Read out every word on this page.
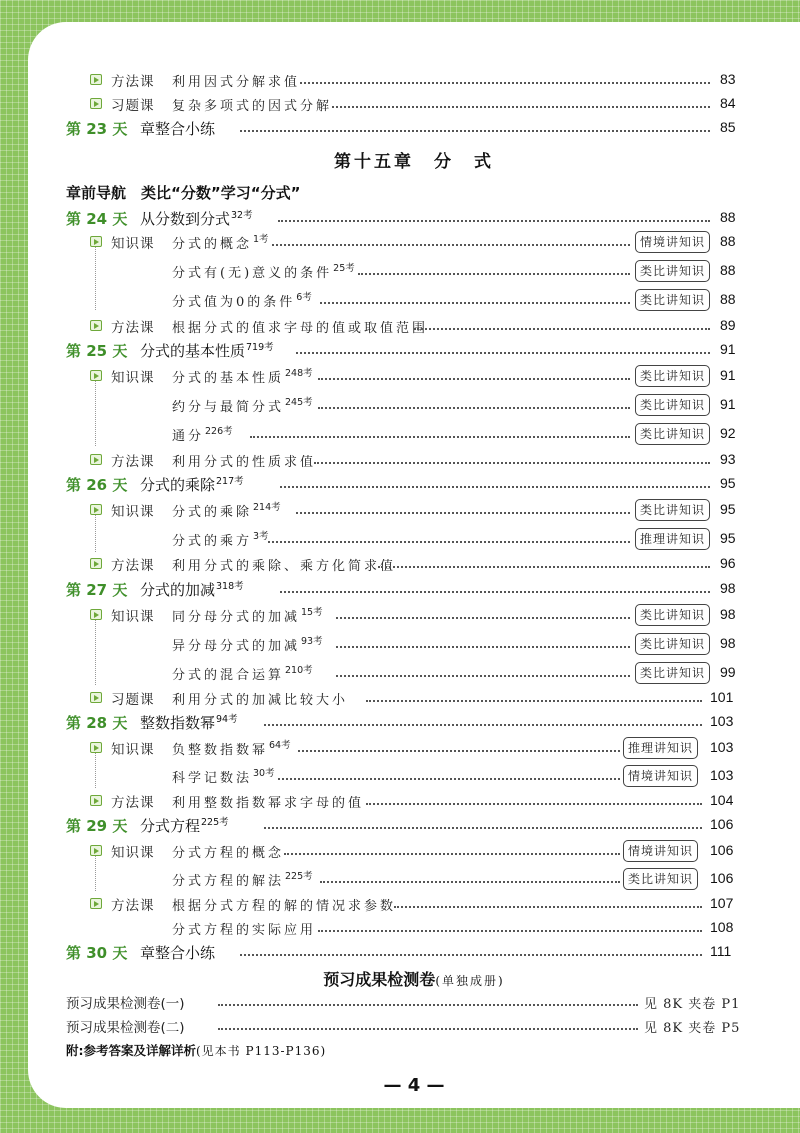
方法课 利用因式分解求值	83
习题课 复杂多项式的因式分解	84
第 23 天 章整合小练	85
第十五章　分　式
章前导航　类比“分数”学习“分式”
第 24 天 从分数到分式$^{32考}$	88
知识课 分式的概念$^{1考}$	情境讲知识	88
分式有(无)意义的条件$^{25考}$	类比讲知识	88
分式值为0的条件$^{6考}$	类比讲知识	88
方法课 根据分式的值求字母的值或取值范围	89
第 25 天 分式的基本性质$^{719考}$	91
知识课 分式的基本性质$^{248考}$	类比讲知识	91
约分与最简分式$^{245考}$	类比讲知识	91
通分$^{226考}$	类比讲知识	92
方法课 利用分式的性质求值	93
第 26 天 分式的乘除$^{217考}$	95
知识课 分式的乘除$^{214考}$	类比讲知识	95
分式的乘方$^{3考}$	推理讲知识	95
方法课 利用分式的乘除、乘方化简求值	96
第 27 天 分式的加减$^{318考}$	98
知识课 同分母分式的加减$^{15考}$	类比讲知识	98
异分母分式的加减$^{93考}$	类比讲知识	98
分式的混合运算$^{210考}$	类比讲知识	99
习题课 利用分式的加减比较大小	101
第 28 天 整数指数幂$^{94考}$	103
知识课 负整数指数幂$^{64考}$	推理讲知识	103
科学记数法$^{30考}$	情境讲知识	103
方法课 利用整数指数幂求字母的值	104
第 29 天 分式方程$^{225考}$	106
知识课 分式方程的概念	情境讲知识	106
分式方程的解法$^{225考}$	类比讲知识	106
方法课 根据分式方程的解的情况求参数	107
分式方程的实际应用	108
第 30 天 章整合小练	111
预习成果检测卷(单独成册)
预习成果检测卷(一)	见 8K 夹卷 P1
预习成果检测卷(二)	见 8K 夹卷 P5
附:参考答案及详解详析(见本书 P113-P136)
— 4 —
